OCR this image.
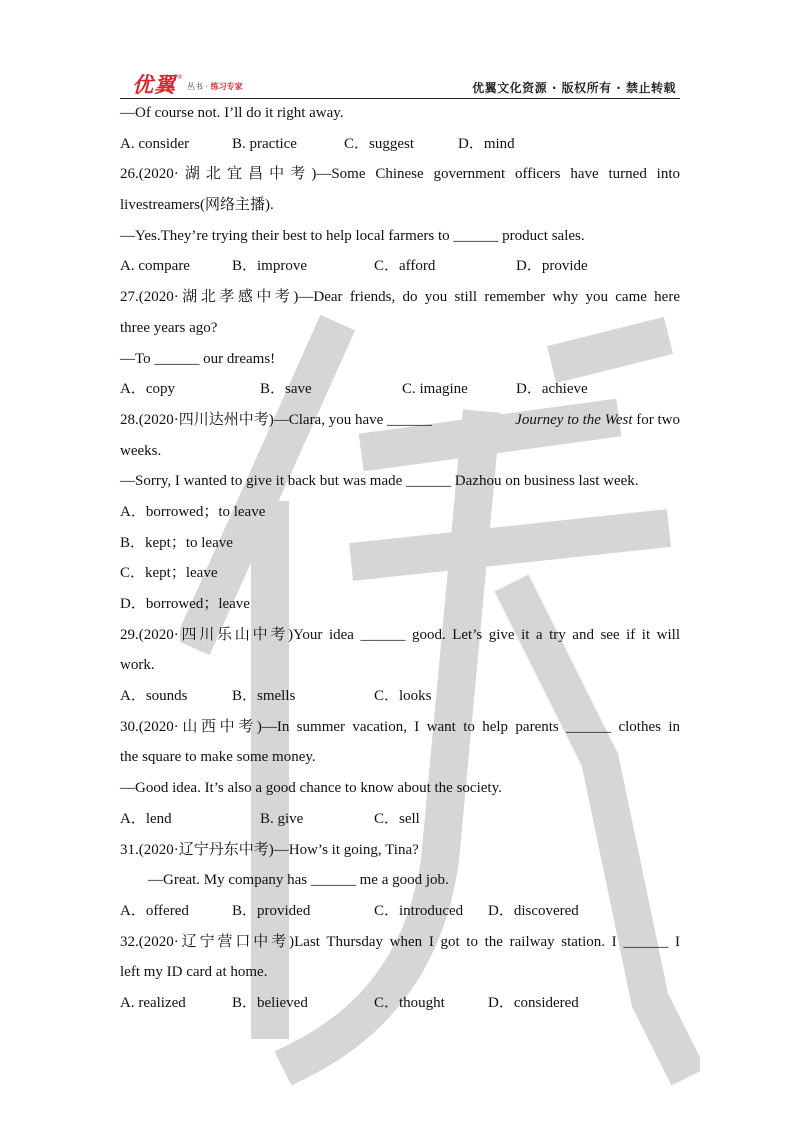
优翼 ®
丛书 · 练习专家	优翼文化资源 · 版权所有 · 禁止转载
—Of course not. I’ll do it right away.
A. consider	B. practice	C．suggest	D．mind
26.(2020·湖北宜昌中考)—Some Chinese government officers have turned into
livestreamers(网络主播).
—Yes.They’re trying their best to help local farmers to ______ product sales.
A. compare	B．improve	C．afford	D．provide
27.(2020·湖北孝感中考)—Dear friends, do you still remember why you came here
three years ago?
—To ______ our dreams!
A．copy	B．save	C. imagine	D．achieve
28.(2020·四川达州中考)—Clara, you have ______	Journey to the West for two
weeks.
—Sorry, I wanted to give it back but was made ______ Dazhou on business last week.
A．borrowed；to leave
B．kept；to leave
C．kept；leave
D．borrowed；leave
29.(2020·四川乐山中考)Your idea ______ good. Let’s give it a try and see if it will
work.
A．sounds	B．smells	C．looks
30.(2020·山西中考)—In summer vacation, I want to help parents ______ clothes in
the square to make some money.
—Good idea. It’s also a good chance to know about the society.
A．lend	B. give	C．sell
31.(2020·辽宁丹东中考)—How’s it going, Tina?
—Great. My company has ______ me a good job.
A．offered	B．provided	C．introduced	D．discovered
32.(2020·辽宁营口中考)Last Thursday when I got to the railway station. I ______ I
left my ID card at home.
A. realized	B．believed	C．thought	D．considered
